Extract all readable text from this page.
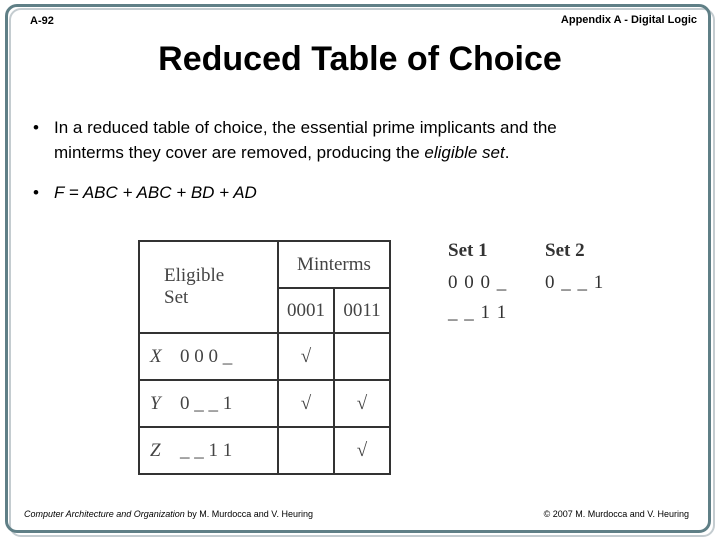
A-92	Appendix A - Digital Logic
Reduced Table of Choice
• In a reduced table of choice, the essential prime implicants and the
minterms they cover are removed, producing the eligible set.
• F = ABC + ABC + BD + AD
Eligible
Set	Minterms	
	0001	0011
X 0 0 0 _	√	
Y 0 _ _ 1	√	√
Z _ _ 1 1		√
Set 1
0 0 0 _
_ _ 1 1
Set 2
0 _ _ 1
Computer Architecture and Organization by M. Murdocca and V. Heuring	© 2007 M. Murdocca and V. Heuring
